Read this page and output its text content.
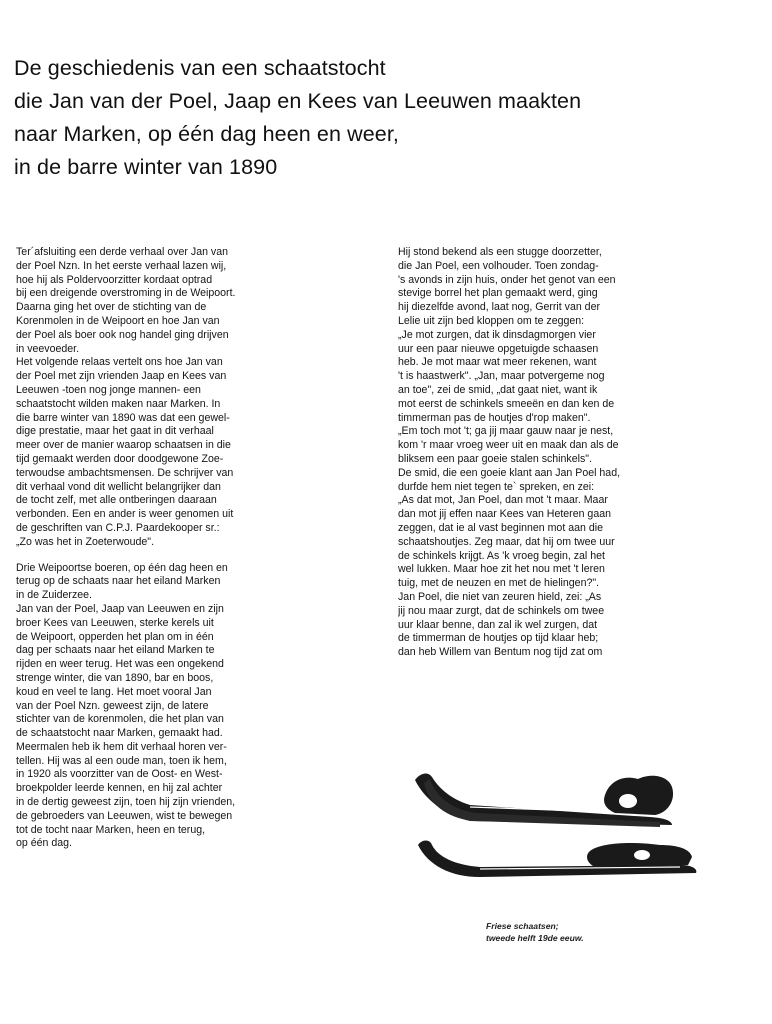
De geschiedenis van een schaatstocht
die Jan van der Poel, Jaap en Kees van Leeuwen maakten
naar Marken, op één dag heen en weer,
in de barre winter van 1890
Ter´afsluiting een derde verhaal over Jan van
der Poel Nzn. In het eerste verhaal lazen wij,
hoe hij als Poldervoorzitter kordaat optrad
bij een dreigende overstroming in de Weipoort.
Daarna ging het over de stichting van de
Korenmolen in de Weipoort en hoe Jan van
der Poel als boer ook nog handel ging drijven
in veevoeder.
Het volgende relaas vertelt ons hoe Jan van
der Poel met zijn vrienden Jaap en Kees van
Leeuwen -toen nog jonge mannen- een
schaatstocht wilden maken naar Marken. In
die barre winter van 1890 was dat een gewel-
dige prestatie, maar het gaat in dit verhaal
meer over de manier waarop schaatsen in die
tijd gemaakt werden door doodgewone Zoe-
terwoudse ambachtsmensen. De schrijver van
dit verhaal vond dit wellicht belangrijker dan
de tocht zelf, met alle ontberingen daaraan
verbonden. Een en ander is weer genomen uit
de geschriften van C.P.J. Paardekooper sr.:
„Zo was het in Zoeterwoude".
Drie Weipoortse boeren, op één dag heen en
terug op de schaats naar het eiland Marken
in de Zuiderzee.
Jan van der Poel, Jaap van Leeuwen en zijn
broer Kees van Leeuwen, sterke kerels uit
de Weipoort, opperden het plan om in één
dag per schaats naar het eiland Marken te
rijden en weer terug. Het was een ongekend
strenge winter, die van 1890, bar en boos,
koud en veel te lang. Het moet vooral Jan
van der Poel Nzn. geweest zijn, de latere
stichter van de korenmolen, die het plan van
de schaatstocht naar Marken, gemaakt had.
Meermalen heb ik hem dit verhaal horen ver-
tellen. Hij was al een oude man, toen ik hem,
in 1920 als voorzitter van de Oost- en West-
broekpolder leerde kennen, en hij zal achter
in de dertig geweest zijn, toen hij zijn vrienden,
de gebroeders van Leeuwen, wist te bewegen
tot de tocht naar Marken, heen en terug,
op één dag.
Hij stond bekend als een stugge doorzetter,
die Jan Poel, een volhouder. Toen zondag-
's avonds in zijn huis, onder het genot van een
stevige borrel het plan gemaakt werd, ging
hij diezelfde avond, laat nog, Gerrit van der
Lelie uit zijn bed kloppen om te zeggen:
„Je mot zurgen, dat ik dinsdagmorgen vier
uur een paar nieuwe opgetuigde schaasen
heb. Je mot maar wat meer rekenen, want
't is haastwerk". „Jan, maar potvergeme nog
an toe", zei de smid, „dat gaat niet, want ik
mot eerst de schinkels smeeën en dan ken de
timmerman pas de houtjes d'rop maken".
„Em toch mot 't; ga jij maar gauw naar je nest,
kom 'r maar vroeg weer uit en maak dan als de
bliksem een paar goeie stalen schinkels".
De smid, die een goeie klant aan Jan Poel had,
durfde hem niet tegen te` spreken, en zei:
„As dat mot, Jan Poel, dan mot 't maar. Maar
dan mot jij effen naar Kees van Heteren gaan
zeggen, dat ie al vast beginnen mot aan die
schaatshoutjes. Zeg maar, dat hij om twee uur
de schinkels krijgt. As 'k vroeg begin, zal het
wel lukken. Maar hoe zit het nou met 't leren
tuig, met de neuzen en met de hielingen?".
Jan Poel, die niet van zeuren hield, zei: „As
jij nou maar zurgt, dat de schinkels om twee
uur klaar benne, dan zal ik wel zurgen, dat
de timmerman de houtjes op tijd klaar heb;
dan heb Willem van Bentum nog tijd zat om
Friese schaatsen;
tweede helft 19de eeuw.
